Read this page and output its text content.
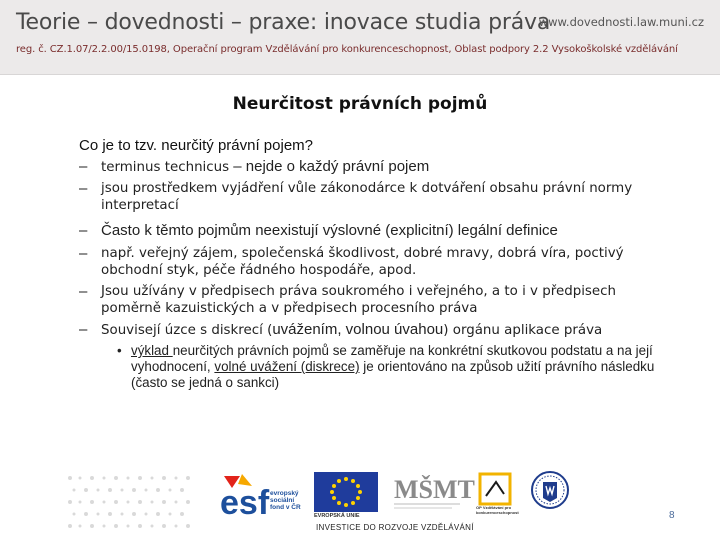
Teorie – dovednosti – praxe: inovace studia práva
www.dovednosti.law.muni.cz
reg. č. CZ.1.07/2.2.00/15.0198, Operační program Vzdělávání pro konkurenceschopnost, Oblast podpory 2.2 Vysokoškolské vzdělávání
Neurčitost právních pojmů
Co je to tzv. neurčitý právní pojem?
– terminus technicus – nejde o každý právní pojem
– jsou prostředkem vyjádření vůle zákonodárce k dotváření obsahu právní normy interpretací
– Často k těmto pojmům neexistují výslovné (explicitní) legální definice
– např. veřejný zájem, společenská škodlivost, dobré mravy, dobrá víra, poctivý obchodní styk, péče řádného hospodáře, apod.
– Jsou užívány v předpisech práva soukromého i veřejného, a to i v předpisech poměrně kazuistických a v předpisech procesního práva
– Souvisejí úzce s diskrecí (uvážením, volnou úvahou) orgánu aplikace práva
• výklad neurčitých právních pojmů se zaměřuje na konkrétní skutkovou podstatu a na její vyhodnocení, volné uvážení (diskrece) je orientováno na způsob užití právního následku (často se jedná o sankci)
esf evropský sociální fond v ČR
EVROPSKÁ UNIE
MŠMT
OP Vzdělávání pro konkurenceschopnost
INVESTICE DO ROZVOJE VZDĚLÁVÁNÍ
8
